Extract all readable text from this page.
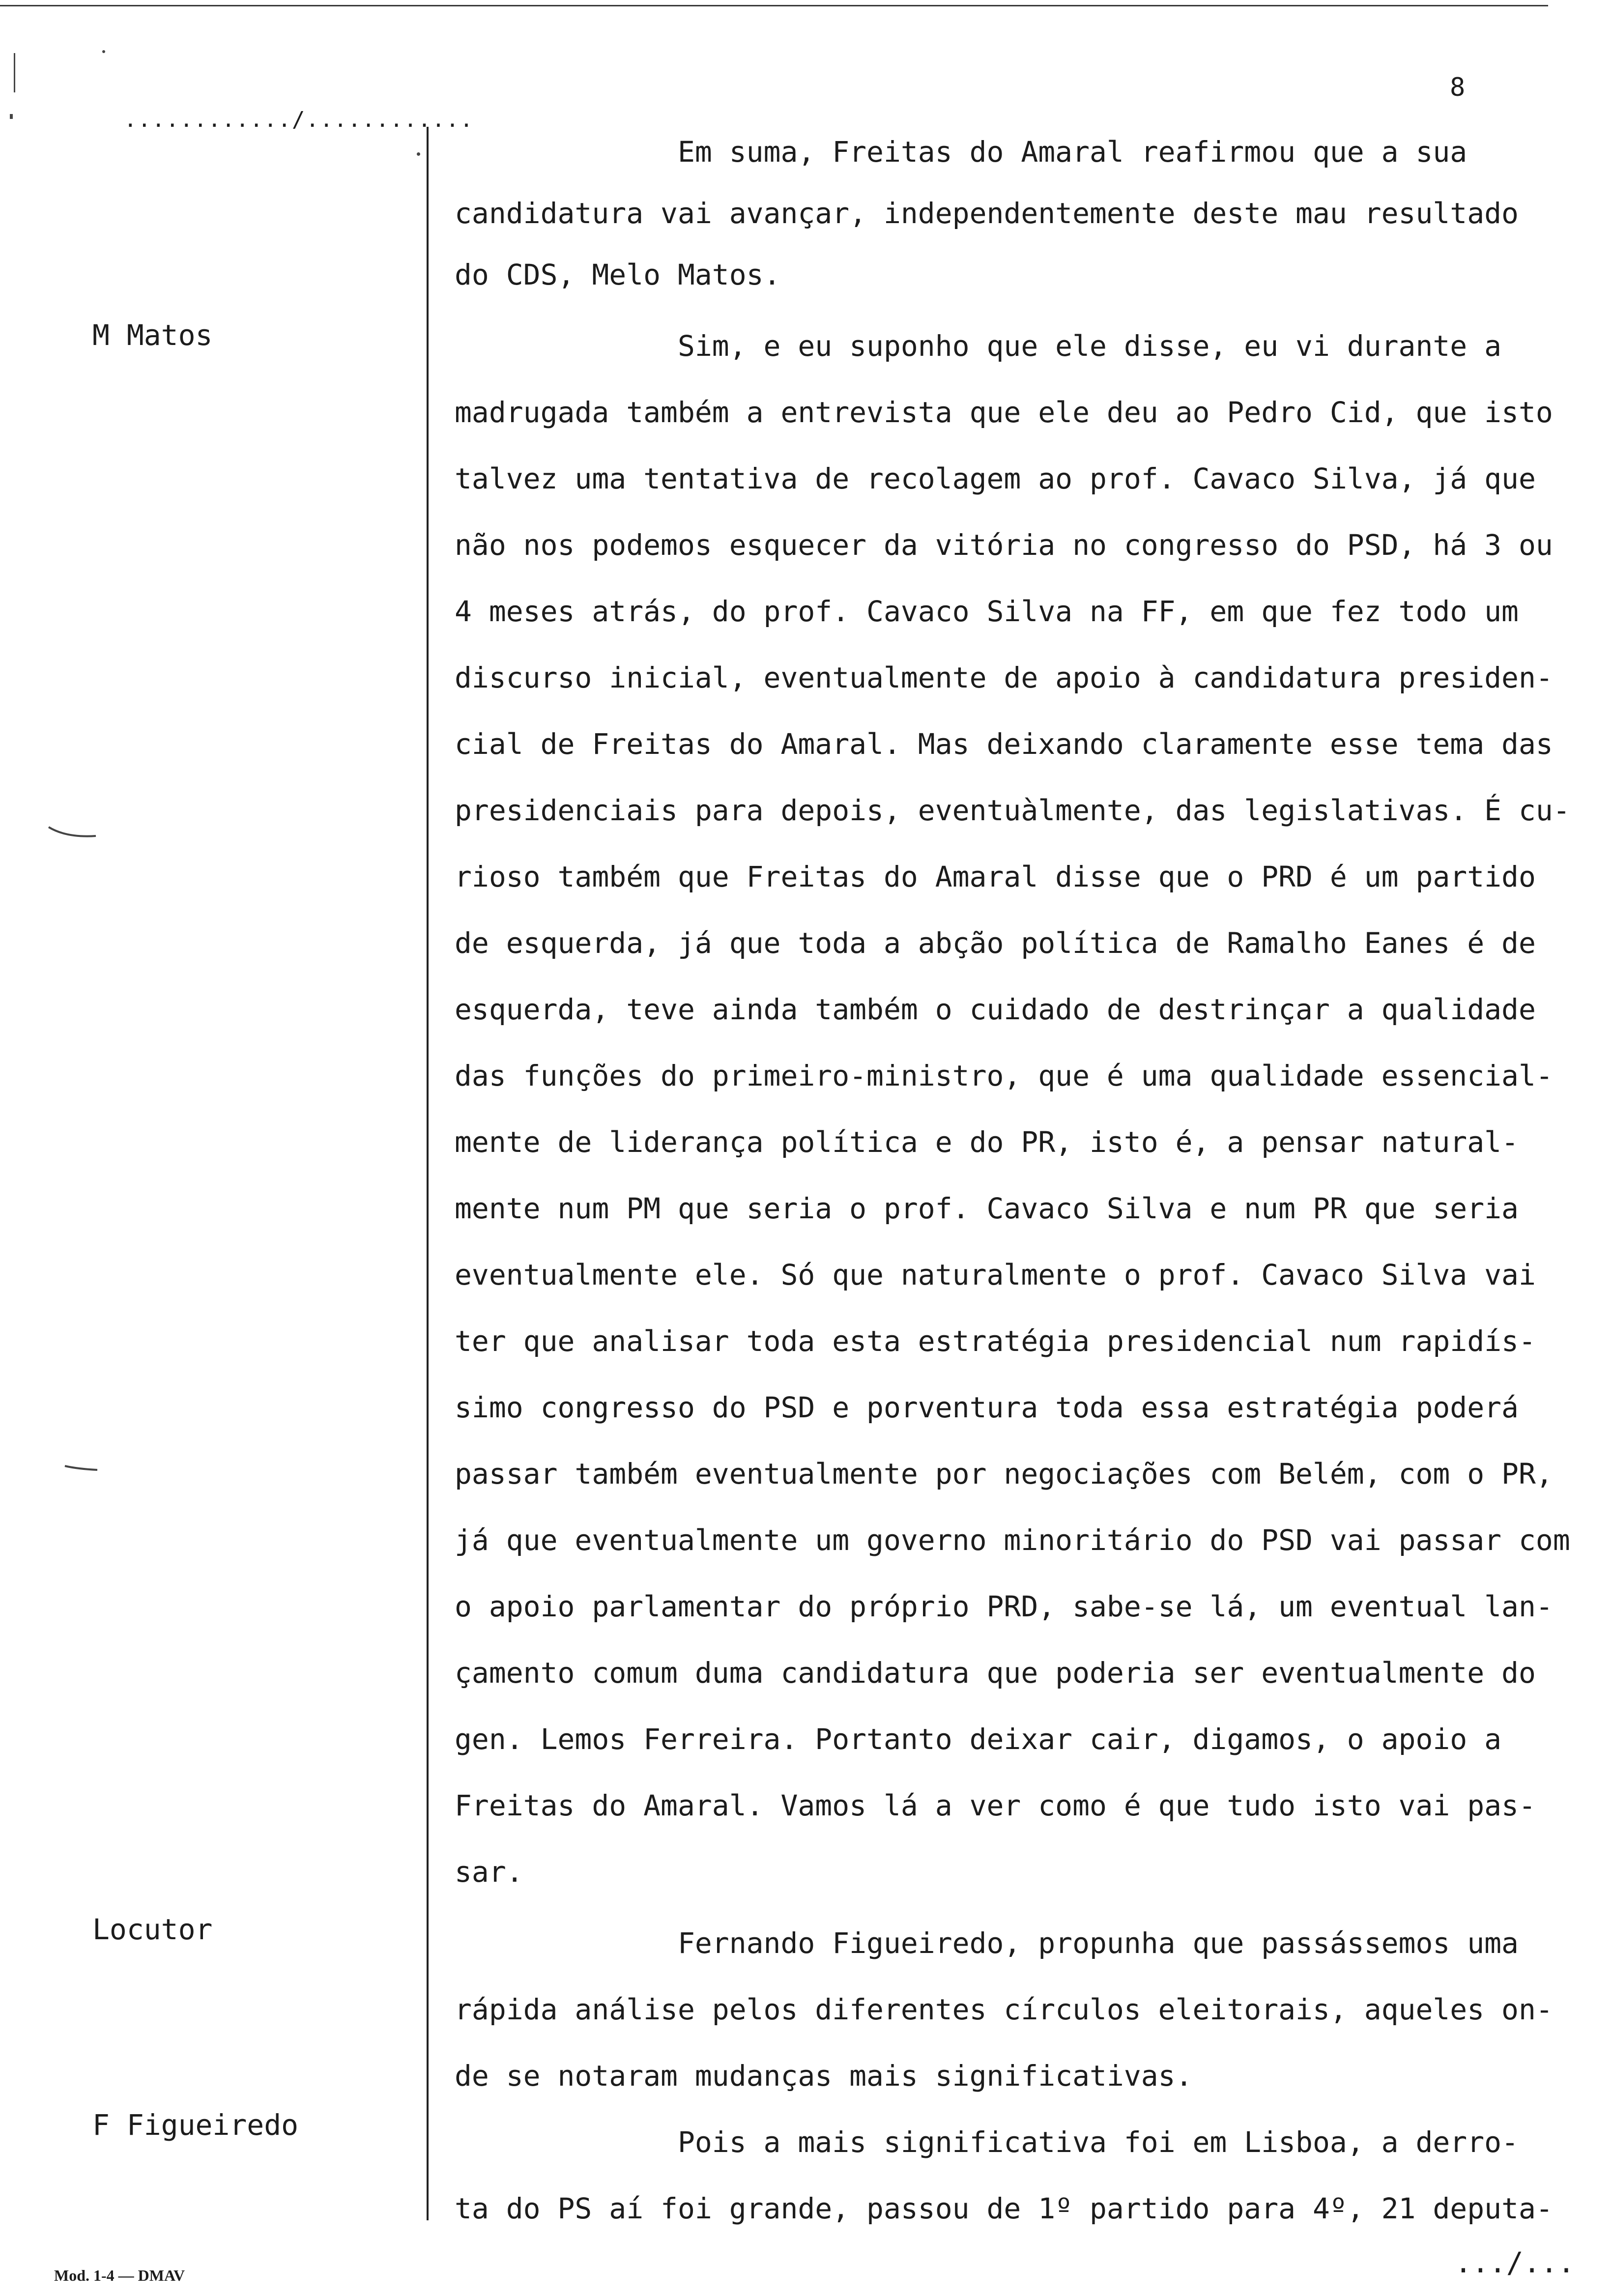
8
............/............
M Matos
Locutor
F Figueiredo
Em suma, Freitas do Amaral reafirmou que a sua
candidatura vai avançar, independentemente deste mau resultado
do CDS, Melo Matos.
Sim, e eu suponho que ele disse, eu vi durante a
madrugada também a entrevista que ele deu ao Pedro Cid, que isto
talvez uma tentativa de recolagem ao prof. Cavaco Silva, já que
não nos podemos esquecer da vitória no congresso do PSD, há 3 ou
4 meses atrás, do prof. Cavaco Silva na FF, em que fez todo um
discurso inicial, eventualmente de apoio à candidatura presiden-
cial de Freitas do Amaral. Mas deixando claramente esse tema das
presidenciais para depois, eventuàlmente, das legislativas. É cu-
rioso também que Freitas do Amaral disse que o PRD é um partido
de esquerda, já que toda a abção política de Ramalho Eanes é de
esquerda, teve ainda também o cuidado de destrinçar a qualidade
das funções do primeiro-ministro, que é uma qualidade essencial-
mente de liderança política e do PR, isto é, a pensar natural-
mente num PM que seria o prof. Cavaco Silva e num PR que seria
eventualmente ele. Só que naturalmente o prof. Cavaco Silva vai
ter que analisar toda esta estratégia presidencial num rapidís-
simo congresso do PSD e porventura toda essa estratégia poderá
passar também eventualmente por negociações com Belém, com o PR,
já que eventualmente um governo minoritário do PSD vai passar com
o apoio parlamentar do próprio PRD, sabe-se lá, um eventual lan-
çamento comum duma candidatura que poderia ser eventualmente do
gen. Lemos Ferreira. Portanto deixar cair, digamos, o apoio a
Freitas do Amaral. Vamos lá a ver como é que tudo isto vai pas-
sar.
Fernando Figueiredo, propunha que passássemos uma
rápida análise pelos diferentes círculos eleitorais, aqueles on-
de se notaram mudanças mais significativas.
Pois a mais significativa foi em Lisboa, a derro-
ta do PS aí foi grande, passou de 1º partido para 4º, 21 deputa-
Mod. 1-4 — DMAV	.../...
